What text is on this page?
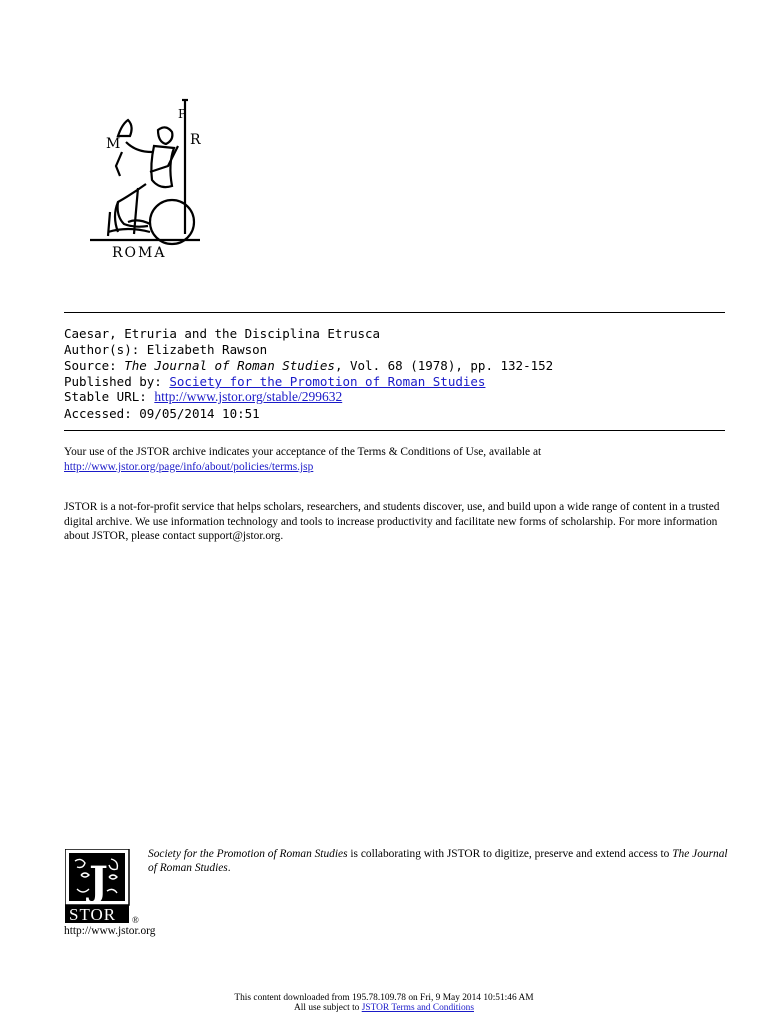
M	R
P
ROMA
Caesar, Etruria and the Disciplina Etrusca
Author(s): Elizabeth Rawson
Source: The Journal of Roman Studies, Vol. 68 (1978), pp. 132-152
Published by: Society for the Promotion of Roman Studies
Stable URL: http://www.jstor.org/stable/299632
Accessed: 09/05/2014 10:51
Your use of the JSTOR archive indicates your acceptance of the Terms & Conditions of Use, available at
http://www.jstor.org/page/info/about/policies/terms.jsp
JSTOR is a not-for-profit service that helps scholars, researchers, and students discover, use, and build upon a wide range of content in a trusted digital archive. We use information technology and tools to increase productivity and facilitate new forms of scholarship. For more information about JSTOR, please contact support@jstor.org.
J
STOR ®
Society for the Promotion of Roman Studies is collaborating with JSTOR to digitize, preserve and extend access to The Journal of Roman Studies.
http://www.jstor.org
This content downloaded from 195.78.109.78 on Fri, 9 May 2014 10:51:46 AM
All use subject to JSTOR Terms and Conditions
